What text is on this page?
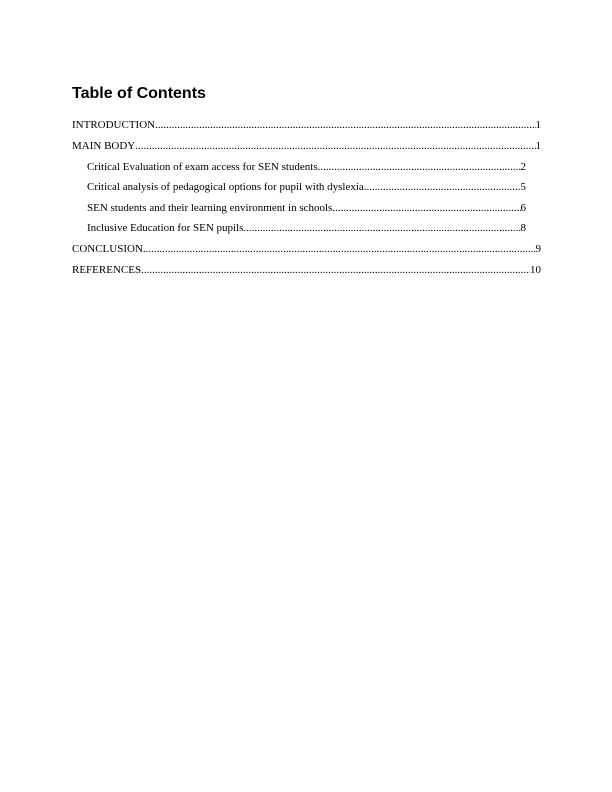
Table of Contents
INTRODUCTION .....	1
MAIN BODY .....	1
Critical Evaluation of exam access for SEN students .....	2
Critical analysis of pedagogical options for pupil with dyslexia .....	5
SEN students and their learning environment in schools .....	6
Inclusive Education for SEN pupils .....	8
CONCLUSION .....	9
REFERENCES .....	10
